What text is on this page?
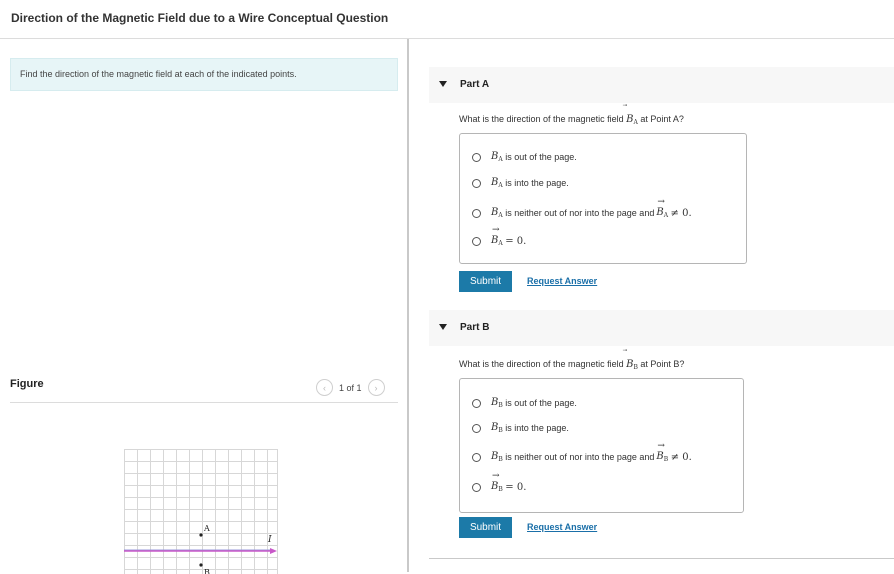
Direction of the Magnetic Field due to a Wire Conceptual Question
Find the direction of the magnetic field at each of the indicated points.
Figure	‹	1 of 1	›
I
A
B
Part A
What is the direction of the magnetic field $B_A$ at Point A?
$B_A$
is out of the page.
$B_A$
is into the page.
$B_A$
is neither out of nor into the page and
→
$B_A$
≠ 0.
→
$B_A$
= 0.
Submit	Request Answer
Part B
What is the direction of the magnetic field $B_B$ at Point B?
$B_B$
is out of the page.
$B_B$
is into the page.
$B_B$
is neither out of nor into the page and
→
$B_B$
≠ 0.
→
$B_B$
= 0.
Submit	Request Answer
